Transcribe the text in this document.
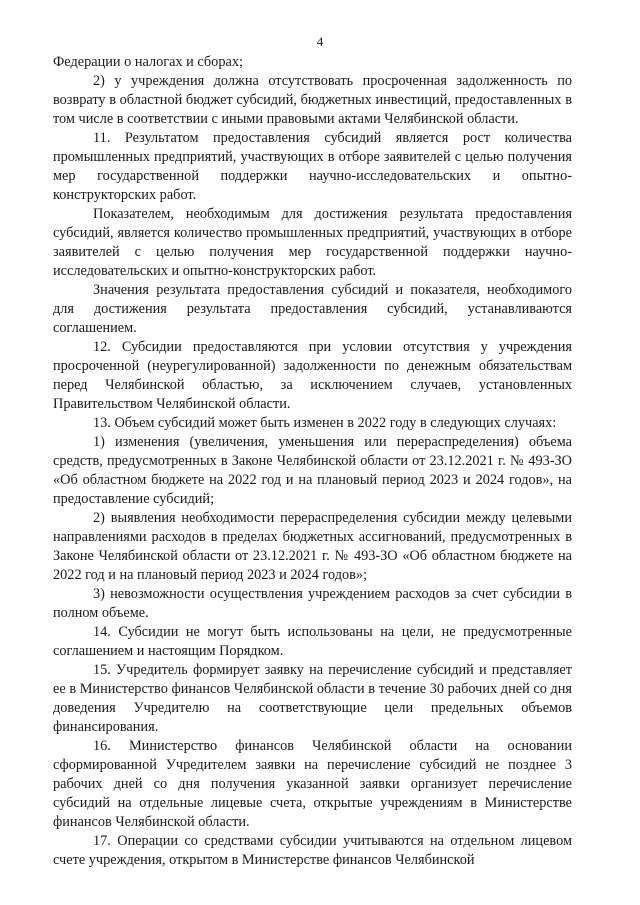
4

Федерации о налогах и сборах;

2) у учреждения должна отсутствовать просроченная задолженность по возврату в областной бюджет субсидий, бюджетных инвестиций, предоставленных в том числе в соответствии с иными правовыми актами Челябинской области.

11. Результатом предоставления субсидий является рост количества промышленных предприятий, участвующих в отборе заявителей с целью получения мер государственной поддержки научно-исследовательских и опытно-конструкторских работ.

Показателем, необходимым для достижения результата предоставления субсидий, является количество промышленных предприятий, участвующих в отборе заявителей с целью получения мер государственной поддержки научно-исследовательских и опытно-конструкторских работ.

Значения результата предоставления субсидий и показателя, необходимого для достижения результата предоставления субсидий, устанавливаются соглашением.

12. Субсидии предоставляются при условии отсутствия у учреждения просроченной (неурегулированной) задолженности по денежным обязательствам перед Челябинской областью, за исключением случаев, установленных Правительством Челябинской области.

13. Объем субсидий может быть изменен в 2022 году в следующих случаях:

1) изменения (увеличения, уменьшения или перераспределения) объема средств, предусмотренных в Законе Челябинской области от 23.12.2021 г. № 493-ЗО «Об областном бюджете на 2022 год и на плановый период 2023 и 2024 годов», на предоставление субсидий;

2) выявления необходимости перераспределения субсидии между целевыми направлениями расходов в пределах бюджетных ассигнований, предусмотренных в Законе Челябинской области от 23.12.2021 г. № 493-ЗО «Об областном бюджете на 2022 год и на плановый период 2023 и 2024 годов»;

3) невозможности осуществления учреждением расходов за счет субсидии в полном объеме.

14. Субсидии не могут быть использованы на цели, не предусмотренные соглашением и настоящим Порядком.

15. Учредитель формирует заявку на перечисление субсидий и представляет ее в Министерство финансов Челябинской области в течение 30 рабочих дней со дня доведения Учредителю на соответствующие цели предельных объемов финансирования.

16. Министерство финансов Челябинской области на основании сформированной Учредителем заявки на перечисление субсидий не позднее 3 рабочих дней со дня получения указанной заявки организует перечисление субсидий на отдельные лицевые счета, открытые учреждениям в Министерстве финансов Челябинской области.

17. Операции со средствами субсидии учитываются на отдельном лицевом счете учреждения, открытом в Министерстве финансов Челябинской
